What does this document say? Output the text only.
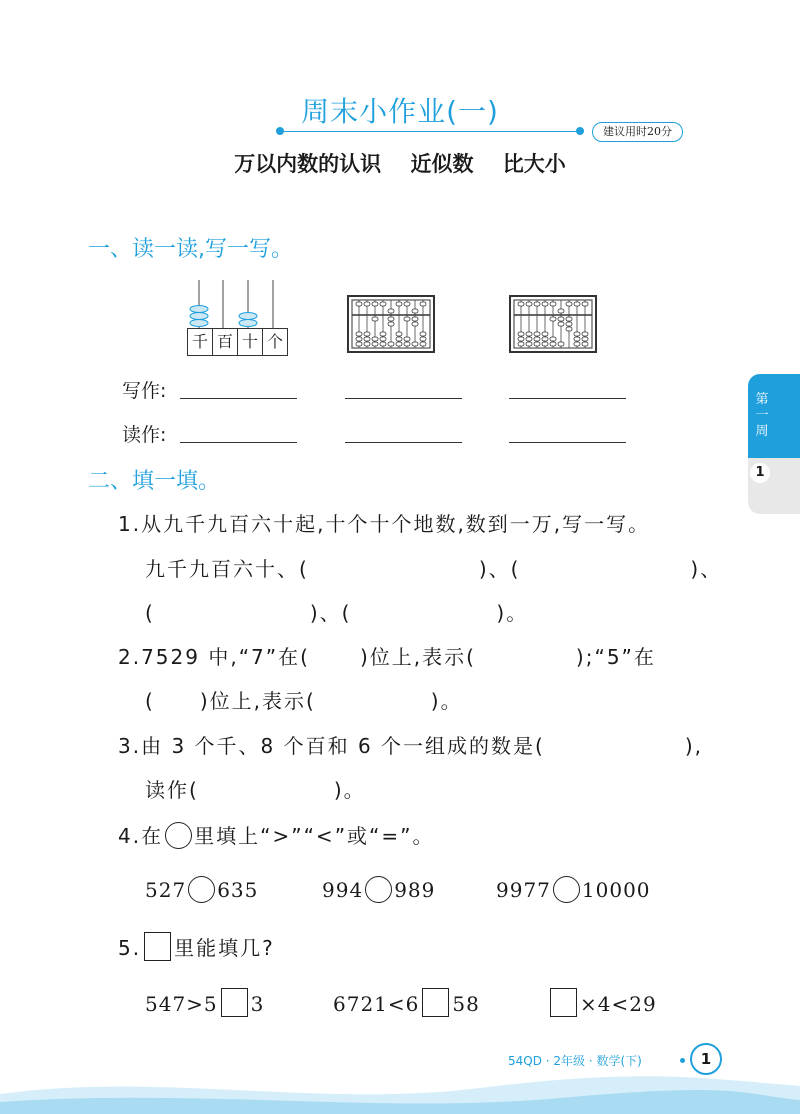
周末小作业(一)
建议用时20分
万以内数的认识 近似数 比大小
一、读一读,写一写。
千 百 十 个
写作:
读作:
二、填一填。
1.从九千九百六十起,十个十个地数,数到一万,写一写。
九千九百六十、(	)、(	)、
(	)、(	)。
2.7529 中,“7”在(	)位上,表示(	);“5”在
( )位上,表示(	)。
3.由 3 个千、8 个百和 6 个一组成的数是(	),
读作(	)。
4.在 里填上“>”“<”或“=”。
527 635	994 989	9977 10000
5. 里能填几?
547>5 3	6721<6 58	×4<29
第一周
1
54QD · 2年级 · 数学(下)	1
